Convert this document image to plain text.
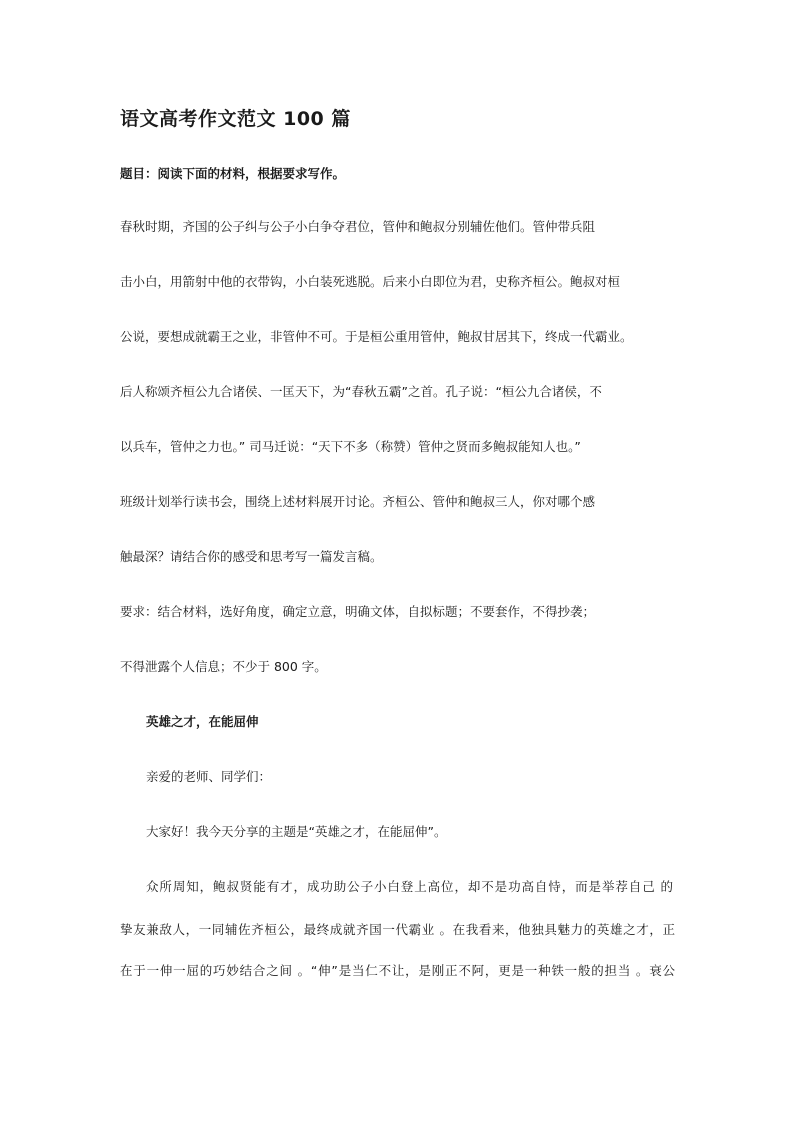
语文高考作文范文 100 篇

题目：阅读下面的材料，根据要求写作。

春秋时期，齐国的公子纠与公子小白争夺君位，管仲和鲍叔分别辅佐他们。管仲带兵阻

击小白，用箭射中他的衣带钩，小白装死逃脱。后来小白即位为君，史称齐桓公。鲍叔对桓

公说，要想成就霸王之业，非管仲不可。于是桓公重用管仲，鲍叔甘居其下，终成一代霸业。

后人称颂齐桓公九合诸侯、一匡天下，为“春秋五霸”之首。孔子说：“桓公九合诸侯，不

以兵车，管仲之力也。” 司马迁说：“天下不多（称赞）管仲之贤而多鲍叔能知人也。”

班级计划举行读书会，围绕上述材料展开讨论。齐桓公、管仲和鲍叔三人，你对哪个感

触最深？请结合你的感受和思考写一篇发言稿。

要求：结合材料，选好角度，确定立意，明确文体，自拟标题；不要套作，不得抄袭；

不得泄露个人信息；不少于 800 字。

英雄之才，在能屈伸

亲爱的老师、同学们：

大家好！我今天分享的主题是“英雄之才，在能屈伸”。

众所周知，鲍叔贤能有才，成功助公子小白登上高位，却不是功高自恃，而是举荐自己 的

挚友兼敌人，一同辅佐齐桓公，最终成就齐国一代霸业 。在我看来，他独具魅力的英雄之才，正

在于一伸一屈的巧妙结合之间 。“伸”是当仁不让，是刚正不阿，更是一种铁一般的担当 。衰公
